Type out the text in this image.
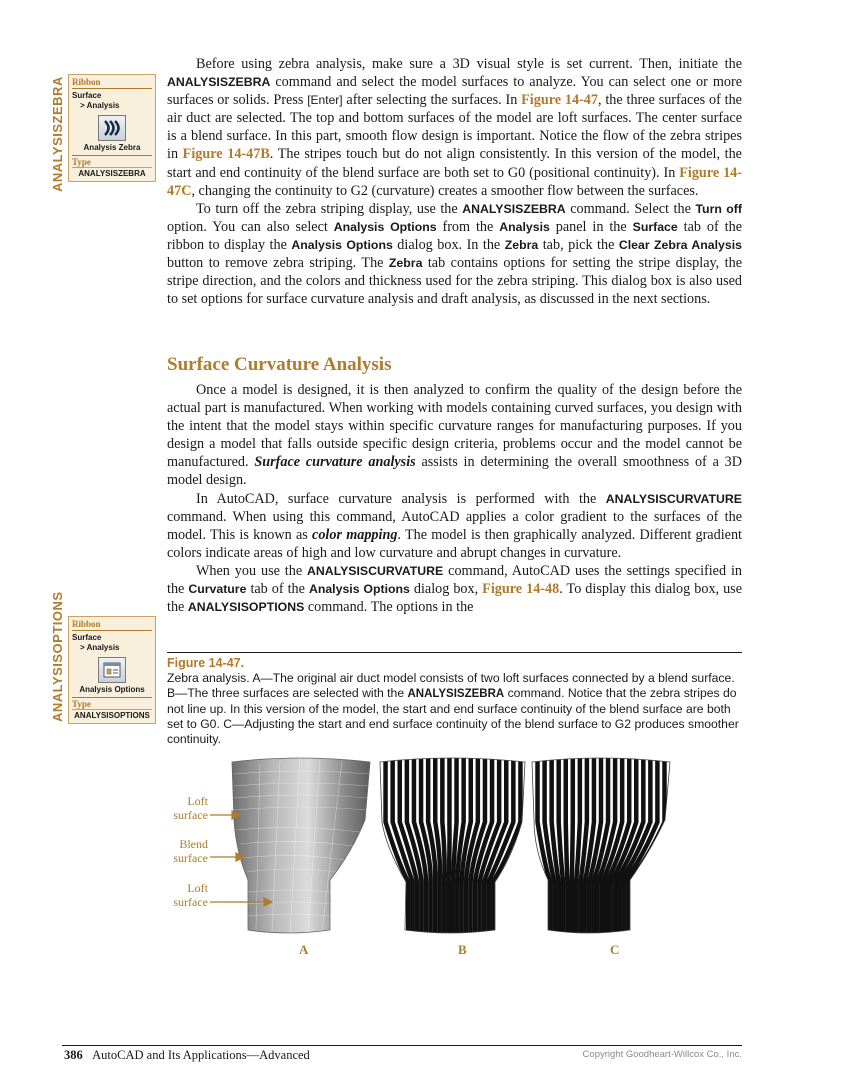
ANALYSISZEBRA
ANALYSISOPTIONS
Ribbon
Surface
> Analysis
Analysis Zebra
Type
ANALYSISZEBRA
Ribbon
Surface
> Analysis
Analysis Options
Type
ANALYSISOPTIONS

Before using zebra analysis, make sure a 3D visual style is set current. Then, initiate the ANALYSISZEBRA command and select the model surfaces to analyze. You can select one or more surfaces or solids. Press [Enter] after selecting the surfaces. In Figure 14-47, the three surfaces of the air duct are selected. The top and bottom surfaces of the model are loft surfaces. The center surface is a blend surface. In this part, smooth flow design is important. Notice the flow of the zebra stripes in Figure 14-47B. The stripes touch but do not align consistently. In this version of the model, the start and end continuity of the blend surface are both set to G0 (positional continuity). In Figure 14-47C, changing the continuity to G2 (curvature) creates a smoother flow between the surfaces.

To turn off the zebra striping display, use the ANALYSISZEBRA command. Select the Turn off option. You can also select Analysis Options from the Analysis panel in the Surface tab of the ribbon to display the Analysis Options dialog box. In the Zebra tab, pick the Clear Zebra Analysis button to remove zebra striping. The Zebra tab contains options for setting the stripe display, the stripe direction, and the colors and thickness used for the zebra striping. This dialog box is also used to set options for surface curvature analysis and draft analysis, as discussed in the next sections.

Surface Curvature Analysis

Once a model is designed, it is then analyzed to confirm the quality of the design before the actual part is manufactured. When working with models containing curved surfaces, you design with the intent that the model stays within specific curvature ranges for manufacturing purposes. If you design a model that falls outside specific design criteria, problems occur and the model cannot be manufactured. Surface curvature analysis assists in determining the overall smoothness of a 3D model design.

In AutoCAD, surface curvature analysis is performed with the ANALYSISCURVATURE command. When using this command, AutoCAD applies a color gradient to the surfaces of the model. This is known as color mapping. The model is then graphically analyzed. Different gradient colors indicate areas of high and low curvature and abrupt changes in curvature.

When you use the ANALYSISCURVATURE command, AutoCAD uses the settings specified in the Curvature tab of the Analysis Options dialog box, Figure 14-48. To display this dialog box, use the ANALYSISOPTIONS command. The options in the

Figure 14-47.
Zebra analysis. A—The original air duct model consists of two loft surfaces connected by a blend surface. B—The three surfaces are selected with the ANALYSISZEBRA command. Notice that the zebra stripes do not line up. In this version of the model, the start and end surface continuity of the blend surface are both set to G0. C—Adjusting the start and end surface continuity of the blend surface to G2 produces smoother continuity.
Loft surface
Blend surface
Loft surface
A	B	C
386 AutoCAD and Its Applications—Advanced	Copyright Goodheart-Willcox Co., Inc.
